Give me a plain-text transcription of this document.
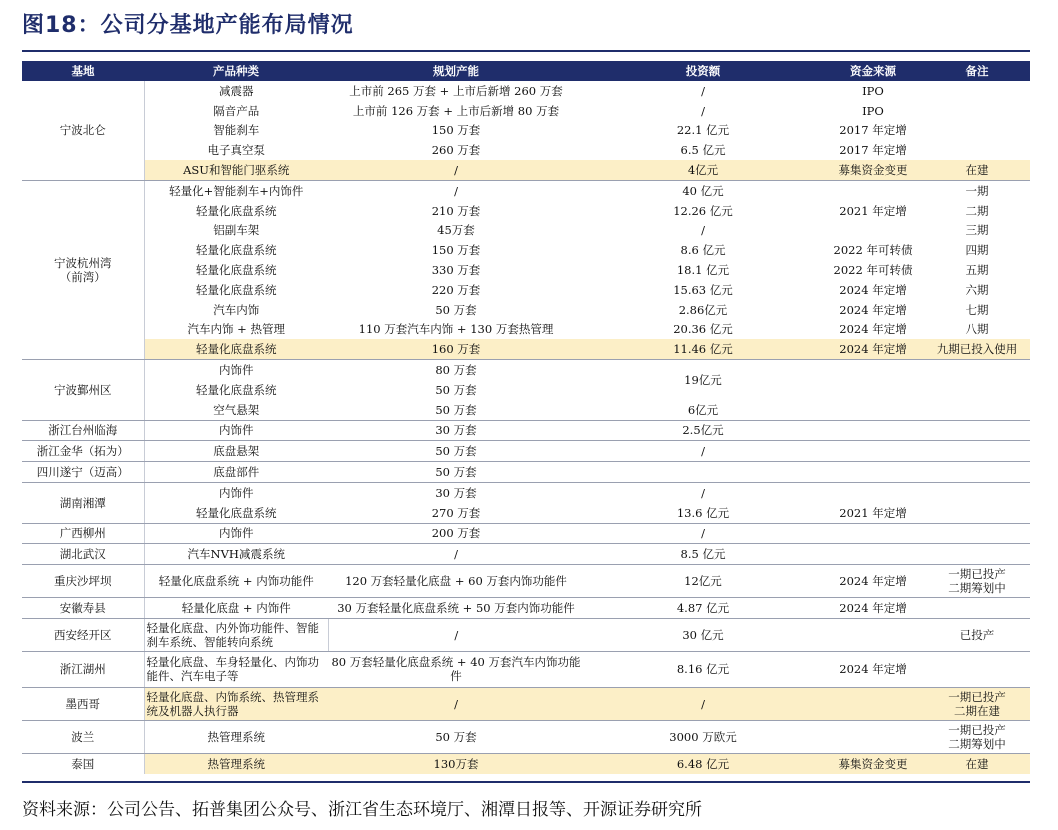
图18：公司分基地产能布局情况
基地	产品种类	规划产能	投资额	资金来源	备注
宁波北仑	减震器	上市前 265 万套 + 上市后新增 260 万套	/	IPO	
	隔音产品	上市前 126 万套 + 上市后新增 80 万套	/	IPO	
	智能刹车	150 万套	22.1 亿元	2017 年定增	
	电子真空泵	260 万套	6.5 亿元	2017 年定增	
	ASU和智能门驱系统	/	4亿元	募集资金变更	在建
宁波杭州湾（前湾）	轻量化+智能刹车+内饰件	/	40 亿元		一期
	轻量化底盘系统	210 万套	12.26 亿元	2021 年定增	二期
	铝副车架	45万套	/		三期
	轻量化底盘系统	150 万套	8.6 亿元	2022 年可转债	四期
	轻量化底盘系统	330 万套	18.1 亿元	2022 年可转债	五期
	轻量化底盘系统	220 万套	15.63 亿元	2024 年定增	六期
	汽车内饰	50 万套	2.86亿元	2024 年定增	七期
	汽车内饰 + 热管理	110 万套汽车内饰 + 130 万套热管理	20.36 亿元	2024 年定增	八期
	轻量化底盘系统	160 万套	11.46 亿元	2024 年定增	九期已投入使用
宁波鄞州区	内饰件	80 万套	19亿元		
	轻量化底盘系统	50 万套			
	空气悬架	50 万套	6亿元		
浙江台州临海	内饰件	30 万套	2.5亿元		
浙江金华（拓为）	底盘悬架	50 万套	/		
四川遂宁（迈高）	底盘部件	50 万套			
湖南湘潭	内饰件	30 万套	/		
	轻量化底盘系统	270 万套	13.6 亿元	2021 年定增	
广西柳州	内饰件	200 万套	/		
湖北武汉	汽车NVH减震系统	/	8.5 亿元		
重庆沙坪坝	轻量化底盘系统 + 内饰功能件	120 万套轻量化底盘 + 60 万套内饰功能件	12亿元	2024 年定增	一期已投产
二期筹划中
安徽寿县	轻量化底盘 + 内饰件	30 万套轻量化底盘系统 + 50 万套内饰功能件	4.87 亿元	2024 年定增	
西安经开区	轻量化底盘、内外饰功能件、智能刹车系统、智能转向系统	/	30 亿元		已投产
浙江湖州	轻量化底盘、车身轻量化、内饰功能件、汽车电子等	80 万套轻量化底盘系统 + 40 万套汽车内饰功能件	8.16 亿元	2024 年定增	
墨西哥	轻量化底盘、内饰系统、热管理系统及机器人执行器	/	/		一期已投产
二期在建
波兰	热管理系统	50 万套	3000 万欧元		一期已投产
二期筹划中
泰国	热管理系统	130万套	6.48 亿元	募集资金变更	在建
资料来源：公司公告、拓普集团公众号、浙江省生态环境厅、湘潭日报等、开源证券研究所
